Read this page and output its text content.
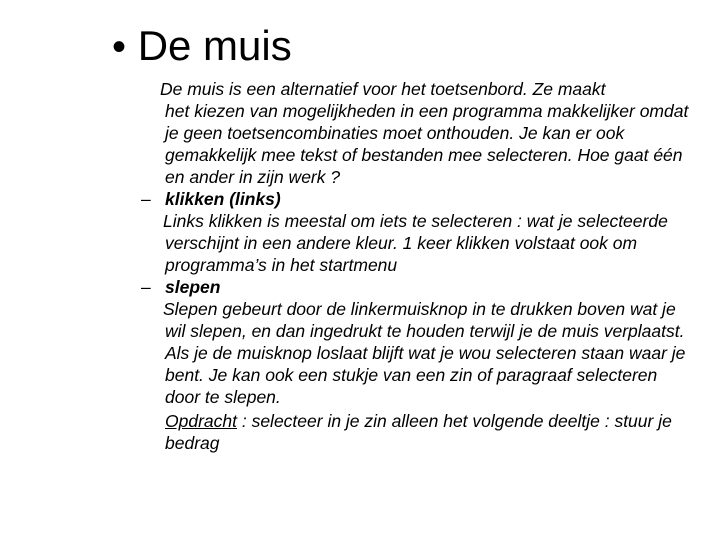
• De muis

De muis is een alternatief voor het toetsenbord. Ze maakt
het kiezen van mogelijkheden in een programma makkelijker omdat je geen toetsencombinaties moet onthouden. Je kan er ook gemakkelijk mee tekst of bestanden mee selecteren. Hoe gaat één en ander in zijn werk ?

– klikken (links)
Links klikken is meestal om iets te selecteren : wat je selecteerde verschijnt in een andere kleur. 1 keer klikken volstaat ook om programma’s in het startmenu
– slepen
Slepen gebeurt door de linkermuisknop in te drukken boven wat je wil slepen, en dan ingedrukt te houden terwijl je de muis verplaatst. Als je de muisknop loslaat blijft wat je wou selecteren staan waar je bent. Je kan ook een stukje van een zin of paragraaf selecteren door te slepen.
Opdracht : selecteer in je zin alleen het volgende deeltje : stuur je bedrag
